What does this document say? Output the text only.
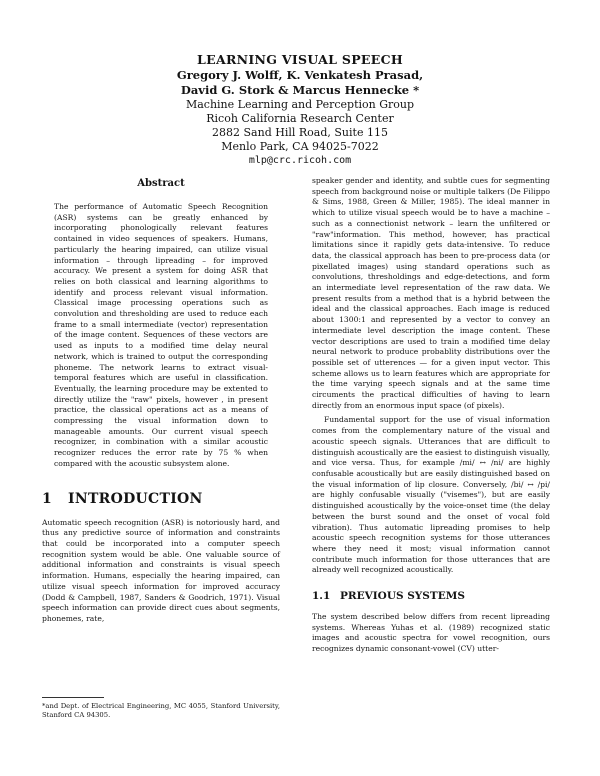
LEARNING VISUAL SPEECH

Gregory J. Wolff, K. Venkatesh Prasad,

David G. Stork & Marcus Hennecke *

Machine Learning and Perception Group

Ricoh California Research Center

2882 Sand Hill Road, Suite 115

Menlo Park, CA 94025-7022

mlp@crc.ricoh.com

Abstract

The performance of Automatic Speech Recognition (ASR) systems can be greatly enhanced by incorporating phonologically relevant features contained in video sequences of speakers. Humans, particularly the hearing impaired, can utilize visual information – through lipreading – for improved accuracy. We present a system for doing ASR that relies on both classical and learning algorithms to identify and process relevant visual information. Classical image processing operations such as convolution and thresholding are used to reduce each frame to a small intermediate (vector) representation of the image content. Sequences of these vectors are used as inputs to a modified time delay neural network, which is trained to output the corresponding phoneme. The network learns to extract visual-temporal features which are useful in classification. Eventually, the learning procedure may be extented to directly utilize the "raw" pixels, however , in present practice, the classical operations act as a means of compressing the visual information down to manageable amounts. Our current visual speech recognizer, in combination with a similar acoustic recognizer reduces the error rate by 75 % when compared with the acoustic subsystem alone.

1 INTRODUCTION

Automatic speech recognition (ASR) is notoriously hard, and thus any predictive source of information and constraints that could be incorporated into a computer speech recognition system would be able. One valuable source of additional information and constraints is visual speech information. Humans, especially the hearing impaired, can utilize visual speech information for improved accuracy (Dodd & Campbell, 1987, Sanders & Goodrich, 1971). Visual speech information can provide direct cues about segments, phonemes, rate,

speaker gender and identity, and subtle cues for segmenting speech from background noise or multiple talkers (De Filippo & Sims, 1988, Green & Miller, 1985). The ideal manner in which to utilize visual speech would be to have a machine – such as a connectionist network – learn the unfiltered or "raw"information. This method, however, has practical limitations since it rapidly gets data-intensive. To reduce data, the classical approach has been to pre-process data (or pixellated images) using standard operations such as convolutions, thresholdings and edge-detections, and form an intermediate level representation of the raw data. We present results from a method that is a hybrid between the ideal and the classical approaches. Each image is reduced about 1300:1 and represented by a vector to convey an intermediate level description the image content. These vector descriptions are used to train a modified time delay neural network to produce probablity distributions over the possible set of utterences — for a given input vector. This scheme allows us to learn features which are appropriate for the time varying speech signals and at the same time circuments the practical difficulties of having to learn directly from an enormous input space (of pixels).

Fundamental support for the use of visual information comes from the complementary nature of the visual and acoustic speech signals. Utterances that are difficult to distinguish acoustically are the easiest to distinguish visually, and vice versa. Thus, for example /mi/ ↔ /ni/ are highly confusable acoustically but are easily distinguished based on the visual information of lip closure. Conversely, /bi/ ↔ /pi/ are highly confusable visually ("visemes"), but are easily distinguished acoustically by the voice-onset time (the delay between the burst sound and the onset of vocal fold vibration). Thus automatic lipreading promises to help acoustic speech recognition systems for those utterances where they need it most; visual information cannot contribute much information for those utterances that are already well recognized acoustically.

1.1 PREVIOUS SYSTEMS

The system described below differs from recent lipreading systems. Whereas Yuhas et al. (1989) recognized static images and acoustic spectra for vowel recognition, ours recognizes dynamic consonant-vowel (CV) utter-

*and Dept. of Electrical Engineering, MC 4055, Stanford University, Stanford CA 94305.
